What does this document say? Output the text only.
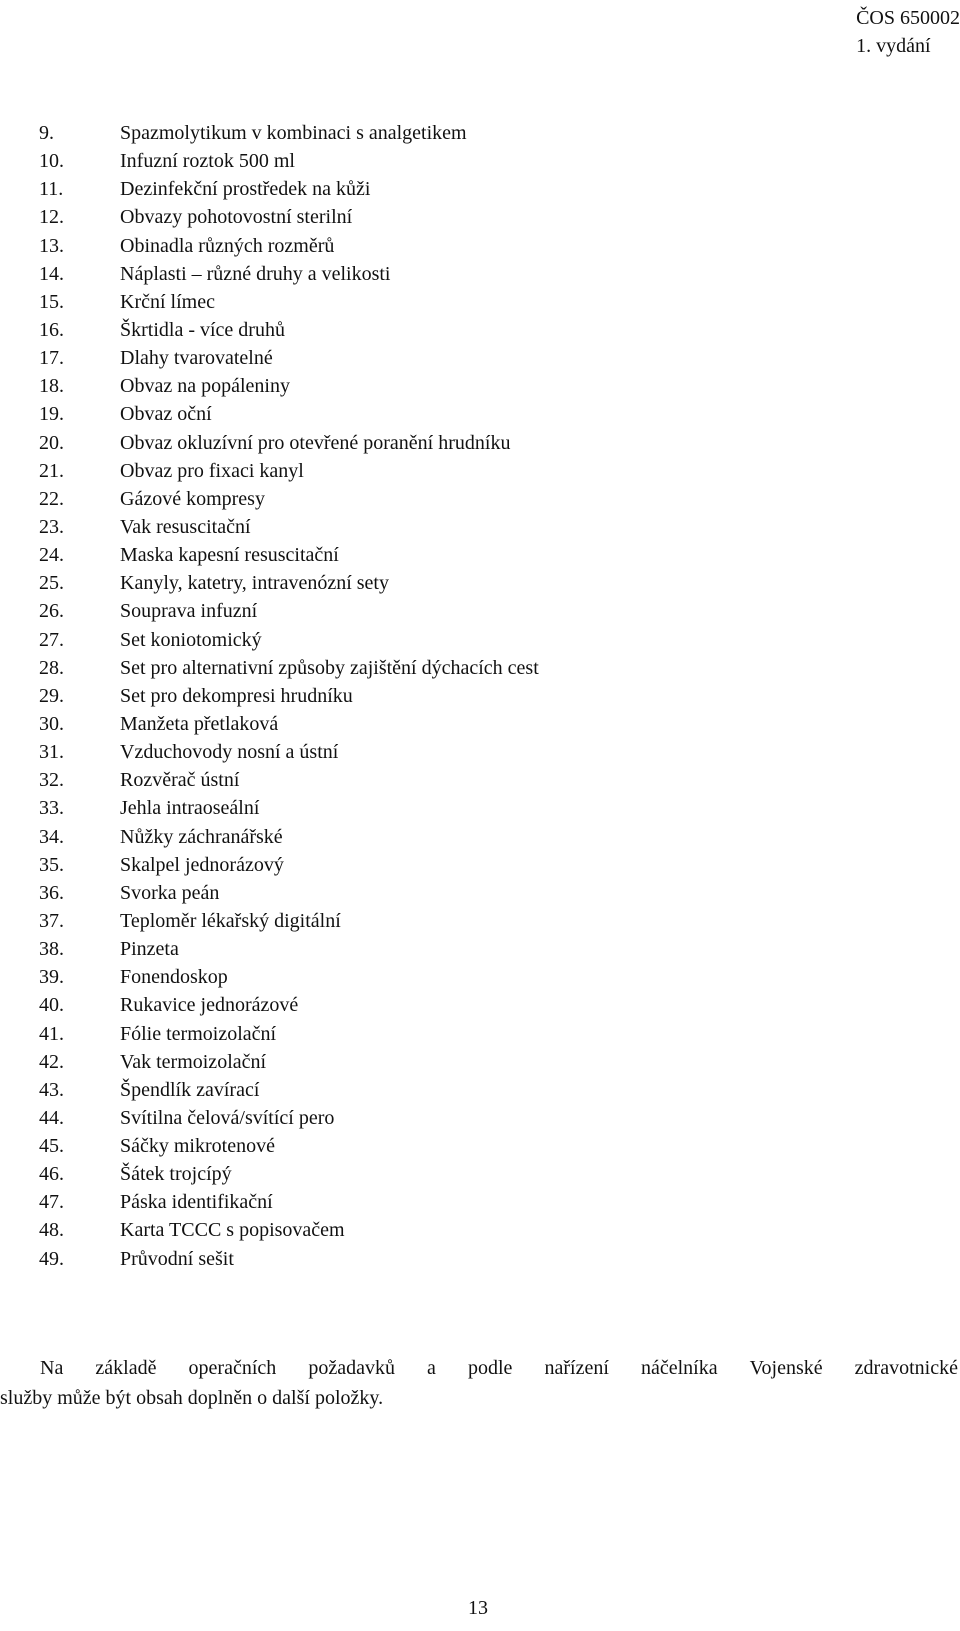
ČOS 650002
1. vydání
9.	Spazmolytikum v kombinaci s analgetikem
10.	Infuzní roztok 500 ml
11.	Dezinfekční prostředek na kůži
12.	Obvazy pohotovostní sterilní
13.	Obinadla různých rozměrů
14.	Náplasti – různé druhy a velikosti
15.	Krční límec
16.	Škrtidla - více druhů
17.	Dlahy tvarovatelné
18.	Obvaz na popáleniny
19.	Obvaz oční
20.	Obvaz okluzívní pro otevřené poranění hrudníku
21.	Obvaz pro fixaci kanyl
22.	Gázové kompresy
23.	Vak resuscitační
24.	Maska kapesní resuscitační
25.	Kanyly, katetry, intravenózní sety
26.	Souprava infuzní
27.	Set koniotomický
28.	Set pro alternativní způsoby zajištění dýchacích cest
29.	Set pro dekompresi hrudníku
30.	Manžeta přetlaková
31.	Vzduchovody nosní a ústní
32.	Rozvěrač ústní
33.	Jehla intraoseální
34.	Nůžky záchranářské
35.	Skalpel jednorázový
36.	Svorka peán
37.	Teploměr lékařský digitální
38.	Pinzeta
39.	Fonendoskop
40.	Rukavice jednorázové
41.	Fólie termoizolační
42.	Vak termoizolační
43.	Špendlík zavírací
44.	Svítilna čelová/svítící pero
45.	Sáčky mikrotenové
46.	Šátek trojcípý
47.	Páska identifikační
48.	Karta TCCC s popisovačem
49.	Průvodní sešit
Na základě operačních požadavků a podle nařízení náčelníka Vojenské zdravotnické
služby může být obsah doplněn o další položky.
13
